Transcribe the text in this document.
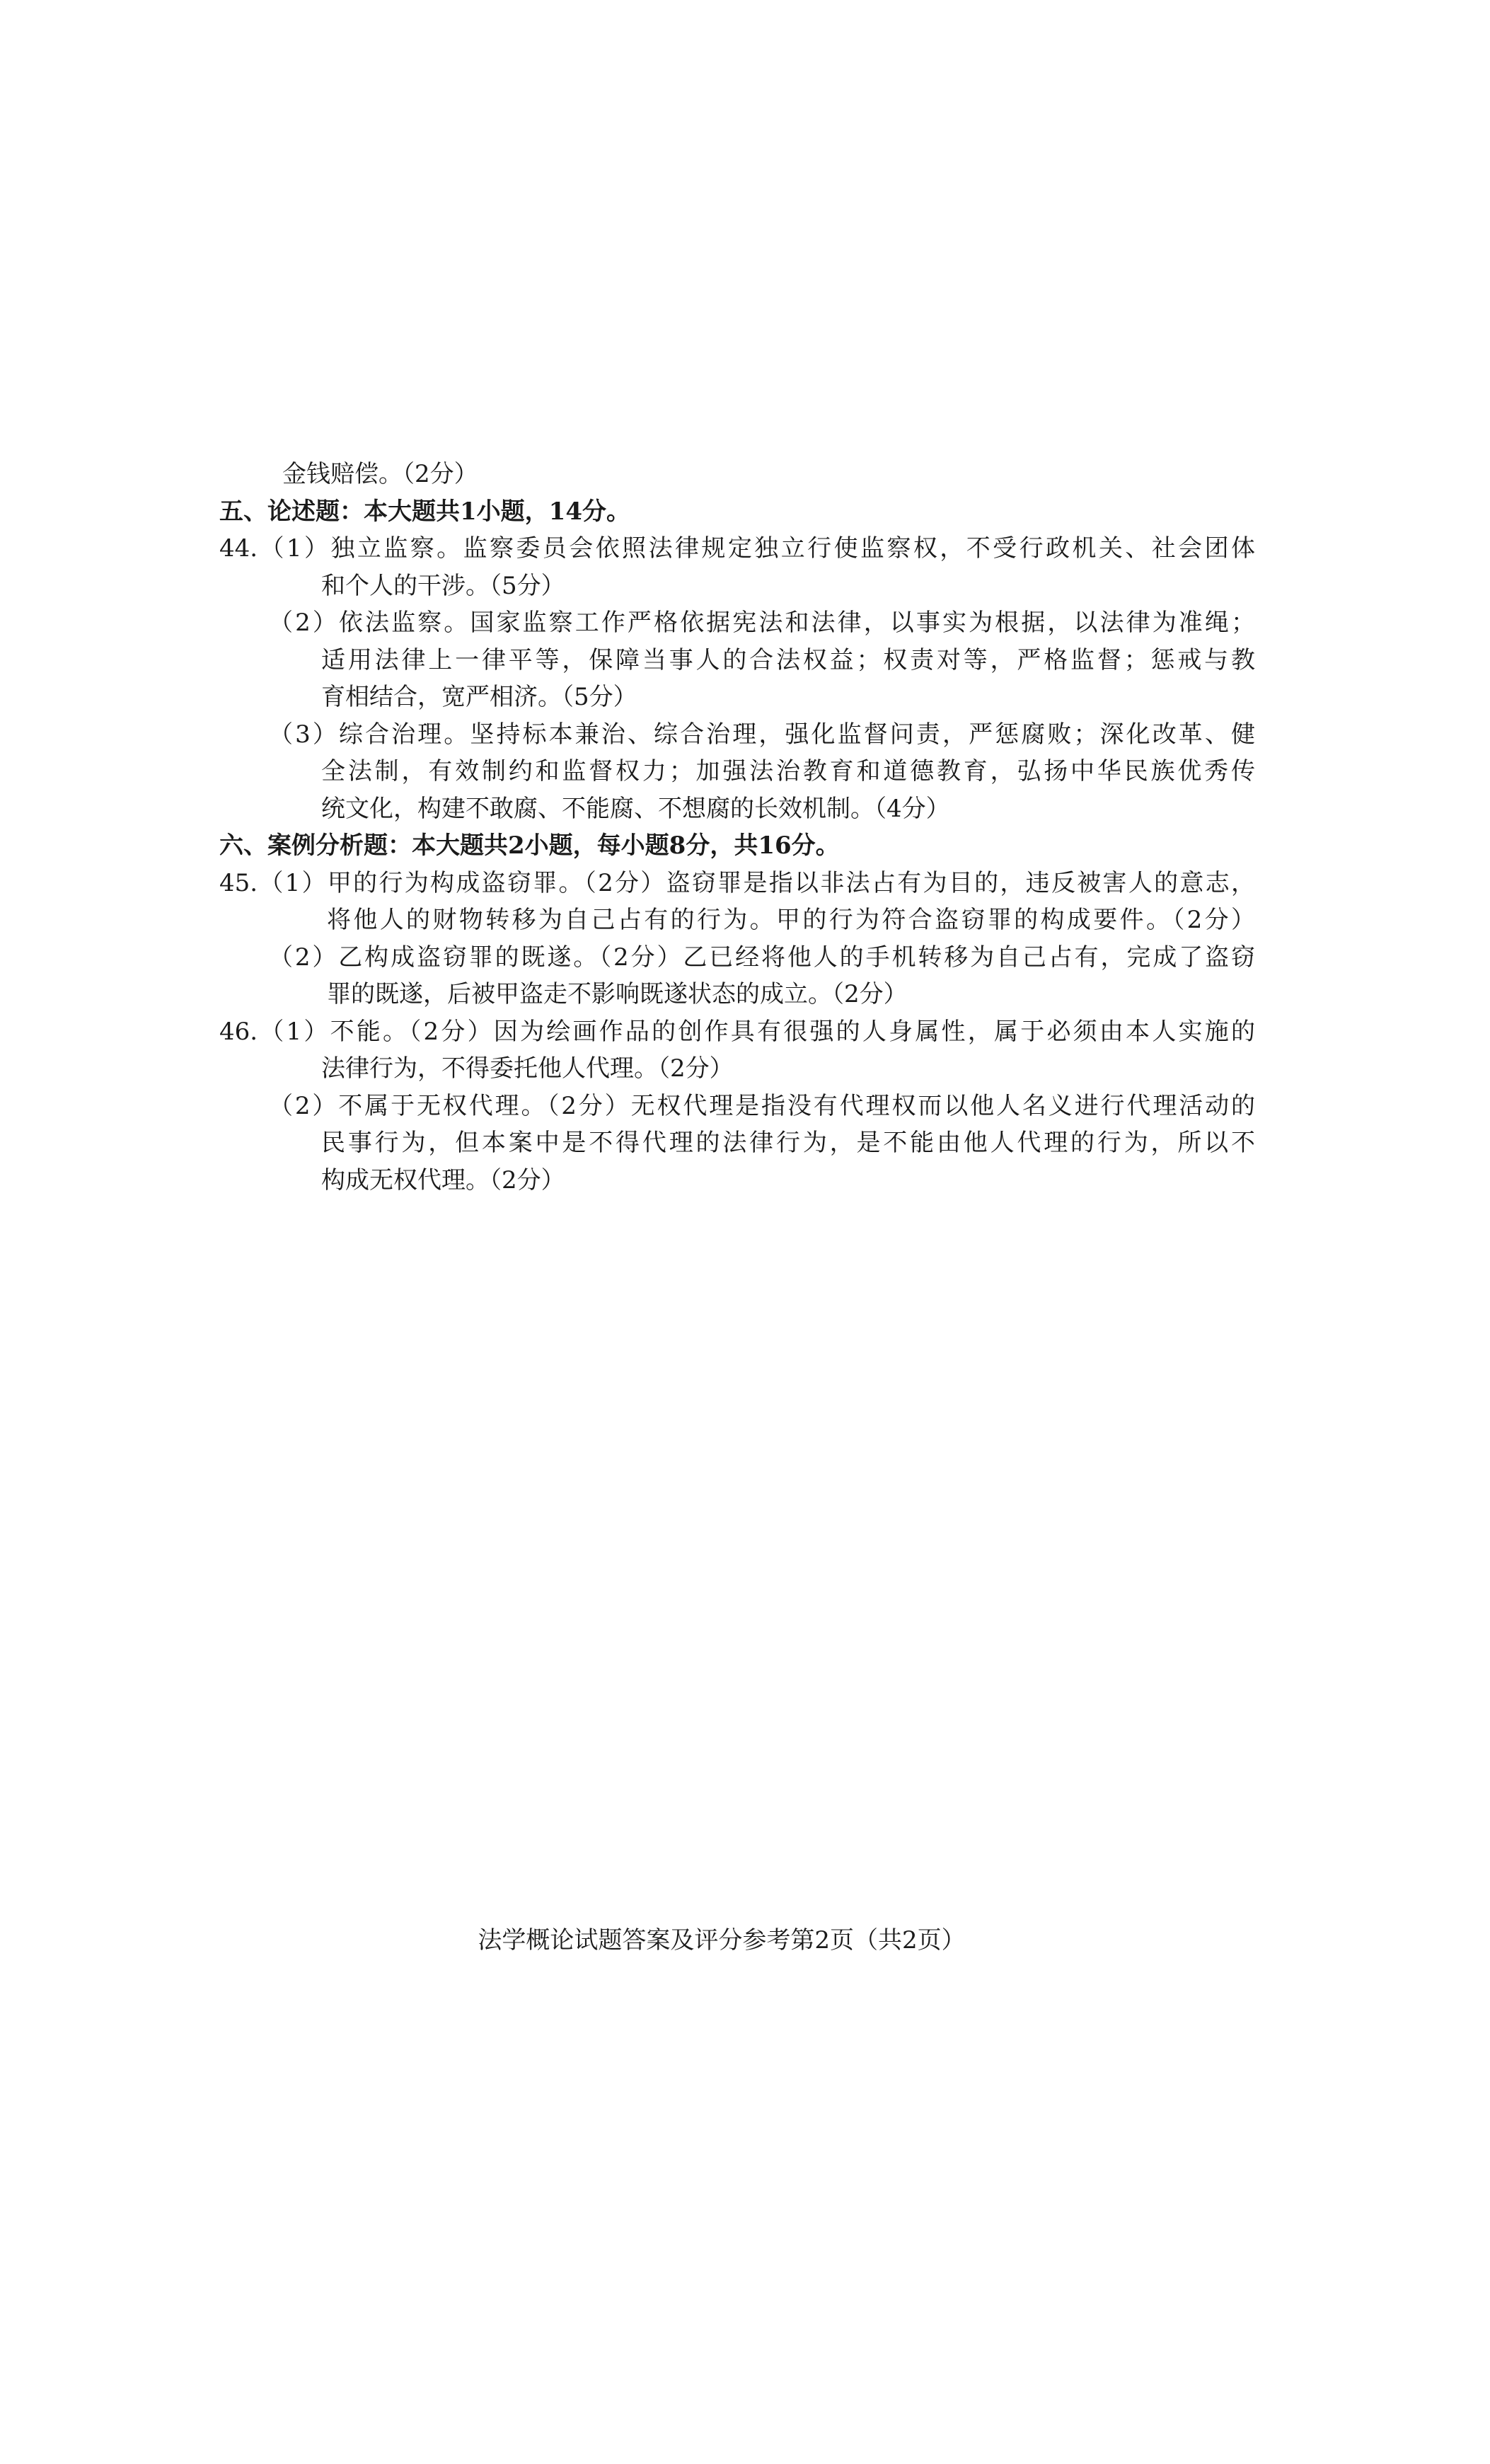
金钱赔偿。（2分）
五、论述题：本大题共1小题，14分。
44.（1）独立监察。监察委员会依照法律规定独立行使监察权，不受行政机关、社会团体
和个人的干涉。（5分）
（2）依法监察。国家监察工作严格依据宪法和法律，以事实为根据，以法律为准绳；
适用法律上一律平等，保障当事人的合法权益；权责对等，严格监督；惩戒与教
育相结合，宽严相济。（5分）
（3）综合治理。坚持标本兼治、综合治理，强化监督问责，严惩腐败；深化改革、健
全法制，有效制约和监督权力；加强法治教育和道德教育，弘扬中华民族优秀传
统文化，构建不敢腐、不能腐、不想腐的长效机制。（4分）
六、案例分析题：本大题共2小题，每小题8分，共16分。
45.（1）甲的行为构成盗窃罪。（2分）盗窃罪是指以非法占有为目的，违反被害人的意志，
将他人的财物转移为自己占有的行为。甲的行为符合盗窃罪的构成要件。（2分）
（2）乙构成盗窃罪的既遂。（2分）乙已经将他人的手机转移为自己占有，完成了盗窃
罪的既遂，后被甲盗走不影响既遂状态的成立。（2分）
46.（1）不能。（2分）因为绘画作品的创作具有很强的人身属性，属于必须由本人实施的
法律行为，不得委托他人代理。（2分）
（2）不属于无权代理。（2分）无权代理是指没有代理权而以他人名义进行代理活动的
民事行为，但本案中是不得代理的法律行为，是不能由他人代理的行为，所以不
构成无权代理。（2分）
法学概论试题答案及评分参考第2页（共2页）
